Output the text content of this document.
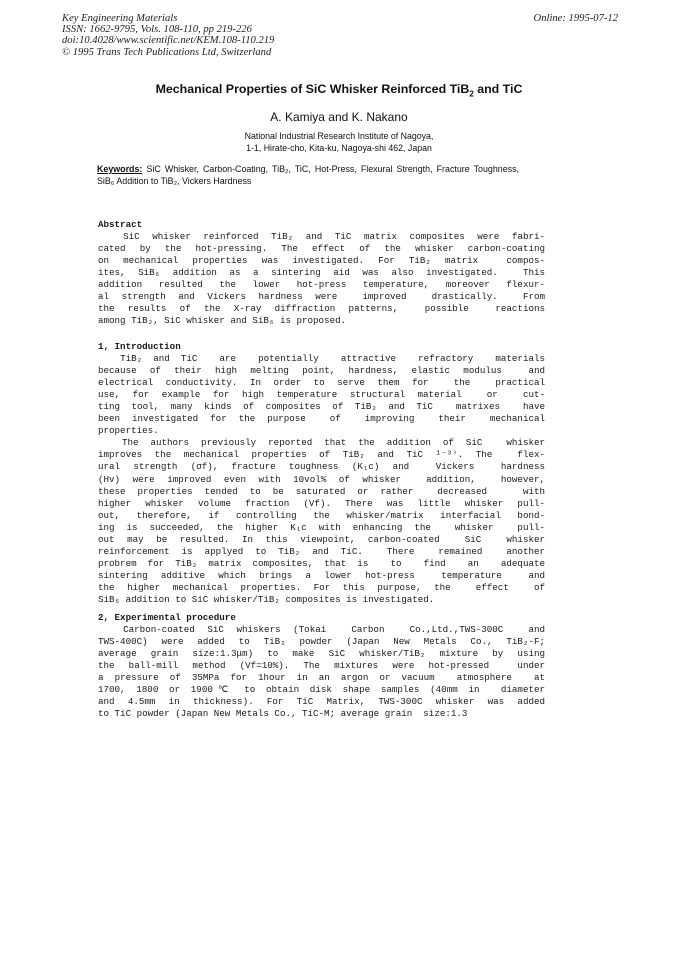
Key Engineering Materials
ISSN: 1662-9795, Vols. 108-110, pp 219-226
doi:10.4028/www.scientific.net/KEM.108-110.219
© 1995 Trans Tech Publications Ltd, Switzerland
Online: 1995-07-12
Mechanical Properties of SiC Whisker Reinforced TiB$_2$ and TiC
A. Kamiya and K. Nakano
National Industrial Research Institute of Nagoya,
1-1, Hirate-cho, Kita-ku, Nagoya-shi 462, Japan
Keywords: SiC Whisker, Carbon-Coating, TiB₂, TiC, Hot-Press, Flexural Strength, Fracture Toughness, SiB₆ Addition to TiB₂, Vickers Hardness
Abstract
SiC whisker reinforced TiB₂ and TiC matrix composites were fabri-
cated by the hot-pressing. The effect of the whisker carbon-coating
on mechanical properties was investigated. For TiB₂ matrix  compos-
ites, SiB₆ addition as a sintering aid was also investigated.  This
addition resulted the lower hot-press temperature, moreover flexur-
al strength and Vickers hardness were  improved  drastically.  From
the results of the X-ray diffraction patterns,  possible  reactions
among TiB₂, SiC whisker and SiB₆ is proposed.
1, Introduction
TiB₂ and TiC  are  potentially  attractive  refractory  materials
because of their high melting point, hardness, elastic modulus  and
electrical conductivity. In order to serve them for  the  practical
use, for example for high temperature structural material  or  cut-
ting tool, many kinds of composites of TiB₂ and TiC  matrixes  have
been investigated for the purpose  of  improving  their  mechanical
properties.
The authors previously reported that the addition of SiC  whisker
improves the mechanical properties of TiB₂ and TiC ¹⁻³⁾. The  flex-
ural strength (σf), fracture toughness (K₁c) and  Vickers  hardness
(Hv) were improved even with 10vol% of whisker  addition,  however,
these properties tended to be saturated or rather  decreased   with
higher whisker volume fraction (Vf). There was little whisker pull-
out, therefore, if controlling the whisker/matrix interfacial bond-
ing is succeeded, the higher K₁c with enhancing the  whisker  pull-
out may be resulted. In this viewpoint, carbon-coated  SiC  whisker
reinforcement is applyed to TiB₂ and TiC.  There  remained  another
probrem for TiB₂ matrix composites, that is  to  find  an  adequate
sintering additive which brings a lower hot-press  temperature  and
the higher mechanical properties. For this purpose, the  effect  of
SiB₆ addition to SiC whisker/TiB₂ composites is investigated.
2, Experimental procedure
Carbon-coated SiC whiskers (Tokai  Carbon  Co.,Ltd.,TWS-300C  and
TWS-400C) were added to TiB₂ powder (Japan New Metals Co., TiB₂-F;
average grain size:1.3μm) to make SiC whisker/TiB₂ mixture by using
the ball-mill method (Vf=10%). The mixtures were hot-pressed  under
a pressure of 35MPa for 1hour in an argon or vacuum  atmosphere  at
1700, 1800 or 1900℃ to obtain disk shape samples (40mm in  diameter
and 4.5mm in thickness). For TiC Matrix, TWS-300C whisker was added
to TiC powder (Japan New Metals Co., TiC-M; average grain  size:1.3
